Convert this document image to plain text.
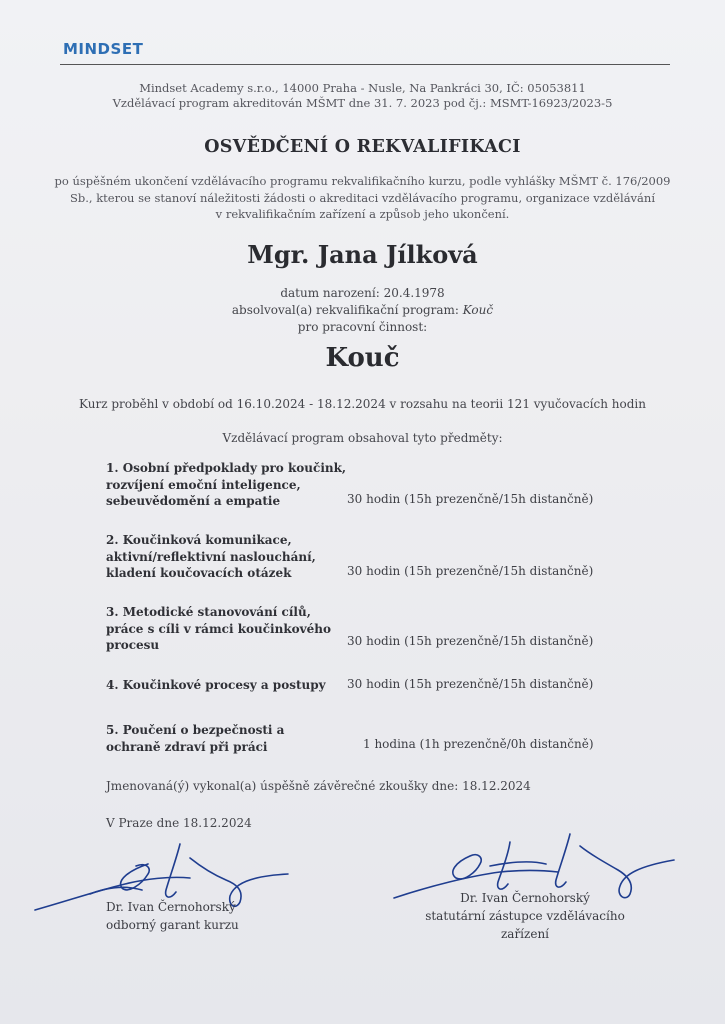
MINDSET
Mindset Academy s.r.o., 14000 Praha - Nusle, Na Pankráci 30, IČ: 05053811
Vzdělávací program akreditován MŠMT dne 31. 7. 2023 pod čj.: MSMT-16923/2023-5
OSVĚDČENÍ O REKVALIFIKACI
po úspěšném ukončení vzdělávacího programu rekvalifikačního kurzu, podle vyhlášky MŠMT č. 176/2009
Sb., kterou se stanoví náležitosti žádosti o akreditaci vzdělávacího programu, organizace vzdělávání
v rekvalifikačním zařízení a způsob jeho ukončení.
Mgr. Jana Jílková
datum narození: 20.4.1978
absolvoval(a) rekvalifikační program: Kouč
pro pracovní činnost:
Kouč
Kurz proběhl v období od 16.10.2024 - 18.12.2024 v rozsahu na teorii 121 vyučovacích hodin
Vzdělávací program obsahoval tyto předměty:
1. Osobní předpoklady pro koučink,
rozvíjení emoční inteligence,
sebeuvědomění a empatie	30 hodin (15h prezenčně/15h distančně)
2. Koučinková komunikace,
aktivní/reflektivní naslouchání,
kladení koučovacích otázek	30 hodin (15h prezenčně/15h distančně)
3. Metodické stanovování cílů,
práce s cíli v rámci koučinkového
procesu	30 hodin (15h prezenčně/15h distančně)
4. Koučinkové procesy a postupy	30 hodin (15h prezenčně/15h distančně)
5. Poučení o bezpečnosti a
ochraně zdraví při práci	1 hodina (1h prezenčně/0h distančně)
Jmenovaná(ý) vykonal(a) úspěšně závěrečné zkoušky dne: 18.12.2024
V Praze dne 18.12.2024
Dr. Ivan Černohorský
odborný garant kurzu
Dr. Ivan Černohorský
statutární zástupce vzdělávacího zařízení
